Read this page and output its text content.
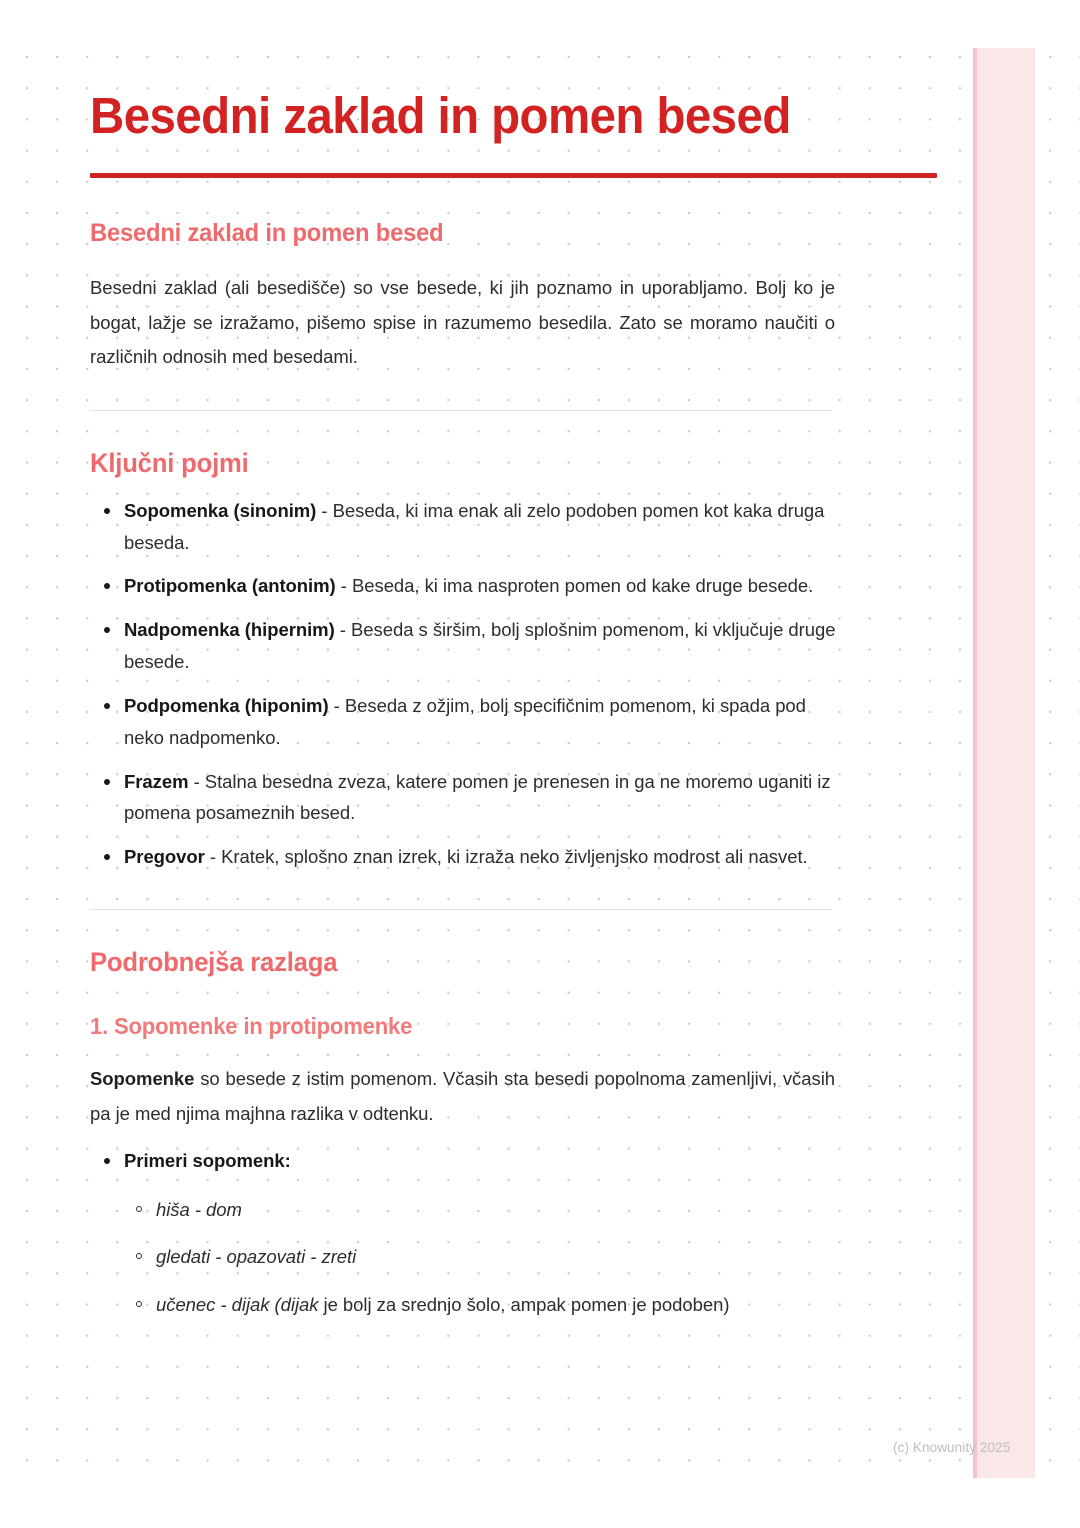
Besedni zaklad in pomen besed
Besedni zaklad in pomen besed

Besedni zaklad (ali besedišče) so vse besede, ki jih poznamo in uporabljamo. Bolj ko je bogat, lažje se izražamo, pišemo spise in razumemo besedila. Zato se moramo naučiti o različnih odnosih med besedami.

Ključni pojmi
Sopomenka (sinonim) - Beseda, ki ima enak ali zelo podoben pomen kot kaka druga beseda.
Protipomenka (antonim) - Beseda, ki ima nasproten pomen od kake druge besede.
Nadpomenka (hipernim) - Beseda s širšim, bolj splošnim pomenom, ki vključuje druge besede.
Podpomenka (hiponim) - Beseda z ožjim, bolj specifičnim pomenom, ki spada pod neko nadpomenko.
Frazem - Stalna besedna zveza, katere pomen je prenesen in ga ne moremo uganiti iz pomena posameznih besed.
Pregovor - Kratek, splošno znan izrek, ki izraža neko življenjsko modrost ali nasvet.
Podrobnejša razlaga
1. Sopomenke in protipomenke

Sopomenke so besede z istim pomenom. Včasih sta besedi popolnoma zamenljivi, včasih pa je med njima majhna razlika v odtenku.

Primeri sopomenk:
hiša - dom
gledati - opazovati - zreti
učenec - dijak (dijak je bolj za srednjo šolo, ampak pomen je podoben)
(c) Knowunity 2025
